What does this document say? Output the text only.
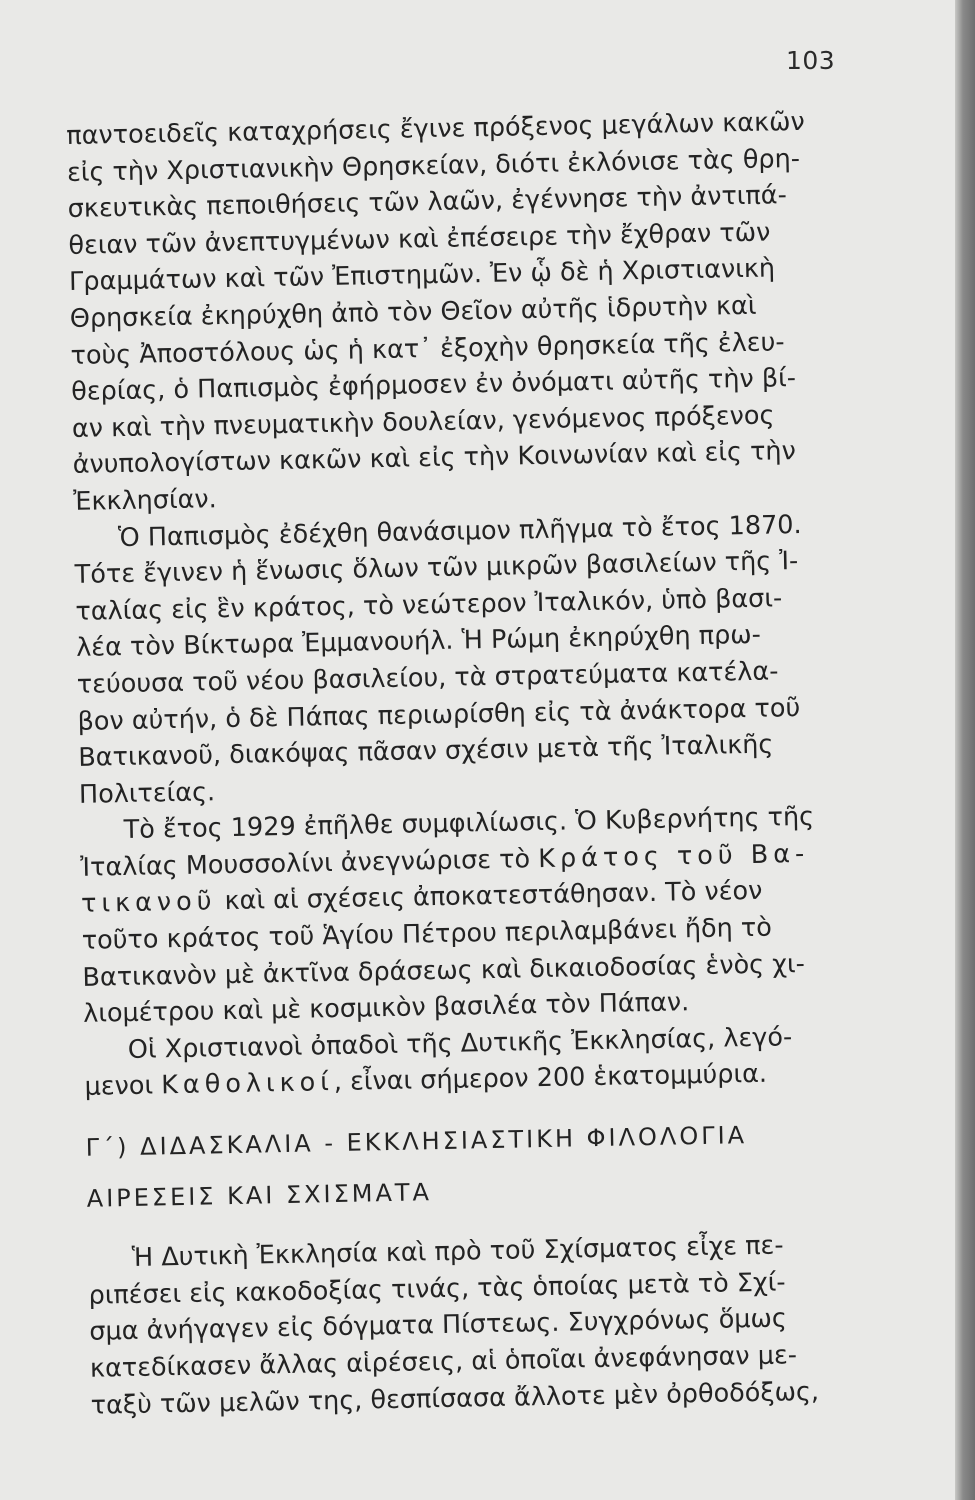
103
παντοειδεῖς καταχρήσεις ἔγινε πρόξενος μεγάλων κακῶν
εἰς τὴν Χριστιανικὴν Θρησκείαν, διότι ἐκλόνισε τὰς θρη-
σκευτικὰς πεποιθήσεις τῶν λαῶν, ἐγέννησε τὴν ἀντιπά-
θειαν τῶν ἀνεπτυγμένων καὶ ἐπέσειρε τὴν ἔχθραν τῶν
Γραμμάτων καὶ τῶν Ἐπιστημῶν. Ἐν ᾧ δὲ ἡ Χριστιανικὴ
Θρησκεία ἐκηρύχθη ἀπὸ τὸν Θεῖον αὐτῆς ἱδρυτὴν καὶ
τοὺς Ἀποστόλους ὡς ἡ κατ᾽ ἐξοχὴν θρησκεία τῆς ἐλευ-
θερίας, ὁ Παπισμὸς ἐφήρμοσεν ἐν ὀνόματι αὐτῆς τὴν βί-
αν καὶ τὴν πνευματικὴν δουλείαν, γενόμενος πρόξενος
ἀνυπολογίστων κακῶν καὶ εἰς τὴν Κοινωνίαν καὶ εἰς τὴν
Ἐκκλησίαν.
Ὁ Παπισμὸς ἐδέχθη θανάσιμον πλῆγμα τὸ ἔτος 1870.
Τότε ἔγινεν ἡ ἕνωσις ὅλων τῶν μικρῶν βασιλείων τῆς Ἰ-
ταλίας εἰς ἓν κράτος, τὸ νεώτερον Ἰταλικόν, ὑπὸ βασι-
λέα τὸν Βίκτωρα Ἐμμανουήλ. Ἡ Ρώμη ἐκηρύχθη πρω-
τεύουσα τοῦ νέου βασιλείου, τὰ στρατεύματα κατέλα-
βον αὐτήν, ὁ δὲ Πάπας περιωρίσθη εἰς τὰ ἀνάκτορα τοῦ
Βατικανοῦ, διακόψας πᾶσαν σχέσιν μετὰ τῆς Ἰταλικῆς
Πολιτείας.
Τὸ ἔτος 1929 ἐπῆλθε συμφιλίωσις. Ὁ Κυβερνήτης τῆς
Ἰταλίας Μουσσολίνι ἀνεγνώρισε τὸ Κράτος τοῦ Βα-
τικανοῦ καὶ αἱ σχέσεις ἀποκατεστάθησαν. Τὸ νέον
τοῦτο κράτος τοῦ Ἁγίου Πέτρου περιλαμβάνει ἤδη τὸ
Βατικανὸν μὲ ἀκτῖνα δράσεως καὶ δικαιοδοσίας ἑνὸς χι-
λιομέτρου καὶ μὲ κοσμικὸν βασιλέα τὸν Πάπαν.
Οἱ Χριστιανοὶ ὀπαδοὶ τῆς Δυτικῆς Ἐκκλησίας, λεγό-
μενοι Καθολικοί, εἶναι σήμερον 200 ἑκατομμύρια.
Γ΄) ΔΙΔΑΣΚΑΛΙΑ - ΕΚΚΛΗΣΙΑΣΤΙΚΗ ΦΙΛΟΛΟΓΙΑ
ΑΙΡΕΣΕΙΣ ΚΑΙ ΣΧΙΣΜΑΤΑ
Ἡ Δυτικὴ Ἐκκλησία καὶ πρὸ τοῦ Σχίσματος εἶχε πε-
ριπέσει εἰς κακοδοξίας τινάς, τὰς ὁποίας μετὰ τὸ Σχί-
σμα ἀνήγαγεν εἰς δόγματα Πίστεως. Συγχρόνως ὅμως
κατεδίκασεν ἄλλας αἱρέσεις, αἱ ὁποῖαι ἀνεφάνησαν με-
ταξὺ τῶν μελῶν της, θεσπίσασα ἄλλοτε μὲν ὀρθοδόξως,
